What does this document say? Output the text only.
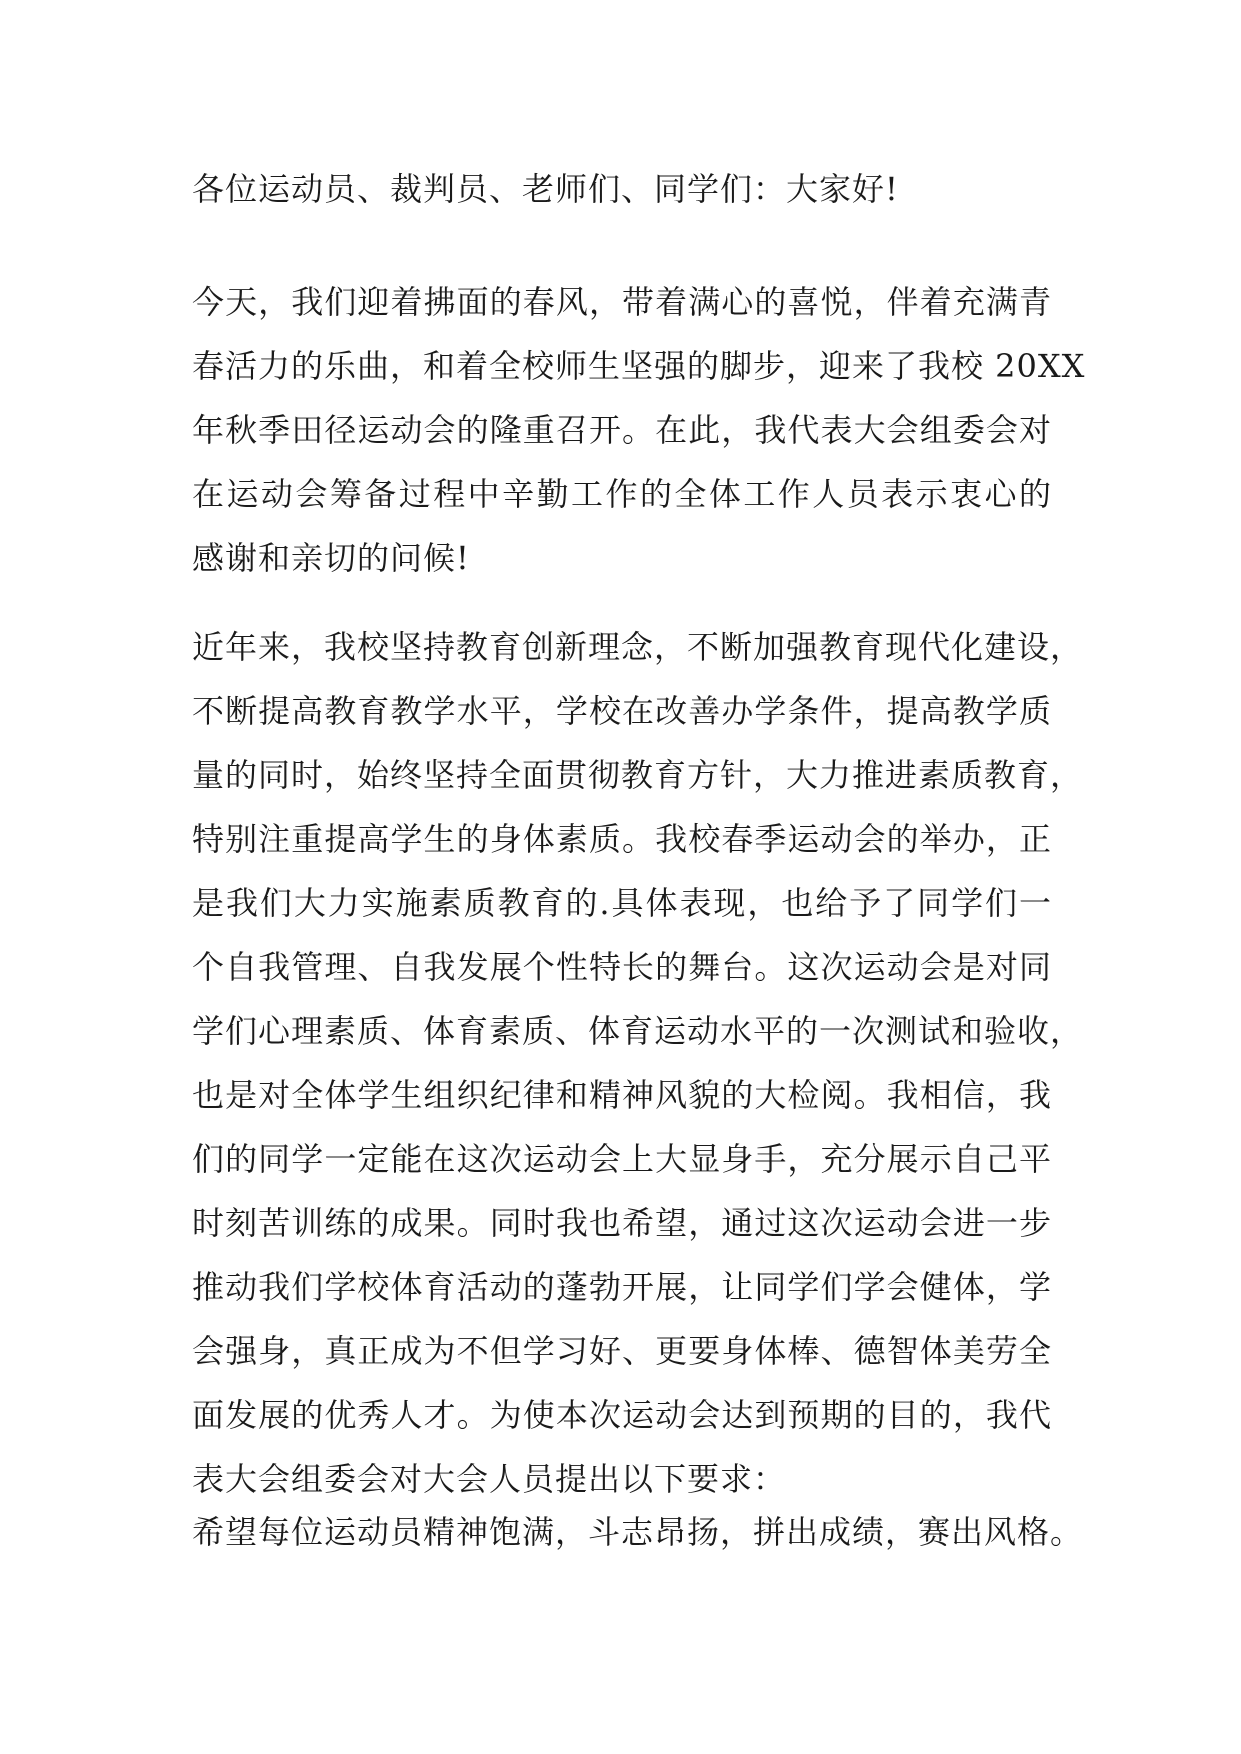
各位运动员、裁判员、老师们、同学们：大家好!
今天，我们迎着拂面的春风，带着满心的喜悦，伴着充满青
春活力的乐曲，和着全校师生坚强的脚步，迎来了我校 20XX
年秋季田径运动会的隆重召开。在此，我代表大会组委会对
在运动会筹备过程中辛勤工作的全体工作人员表示衷心的
感谢和亲切的问候!
近年来，我校坚持教育创新理念，不断加强教育现代化建设，
不断提高教育教学水平，学校在改善办学条件，提高教学质
量的同时，始终坚持全面贯彻教育方针，大力推进素质教育，
特别注重提高学生的身体素质。我校春季运动会的举办，正
是我们大力实施素质教育的.具体表现，也给予了同学们一
个自我管理、自我发展个性特长的舞台。这次运动会是对同
学们心理素质、体育素质、体育运动水平的一次测试和验收，
也是对全体学生组织纪律和精神风貌的大检阅。我相信，我
们的同学一定能在这次运动会上大显身手，充分展示自己平
时刻苦训练的成果。同时我也希望，通过这次运动会进一步
推动我们学校体育活动的蓬勃开展，让同学们学会健体，学
会强身，真正成为不但学习好、更要身体棒、德智体美劳全
面发展的优秀人才。为使本次运动会达到预期的目的，我代
表大会组委会对大会人员提出以下要求：
希望每位运动员精神饱满，斗志昂扬，拼出成绩，赛出风格。
